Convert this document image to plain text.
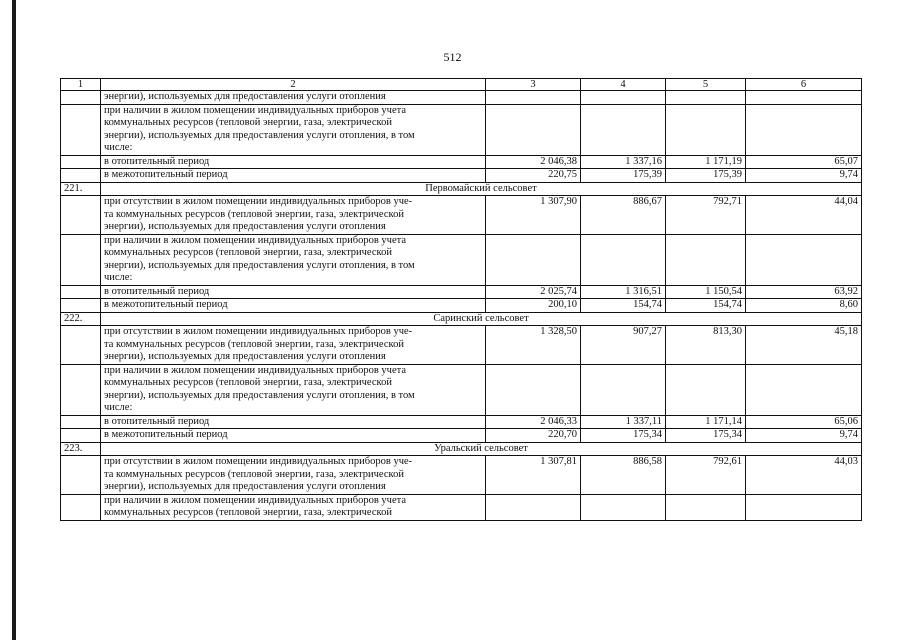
512
1	2	3	4	5	6
	энергии), используемых для предоставления услуги отопления				
	при наличии в жилом помещении индивидуальных приборов учета
коммунальных ресурсов (тепловой энергии, газа, электрической
энергии), используемых для предоставления услуги отопления, в том
числе:				
	в отопительный период	2 046,38	1 337,16	1 171,19	65,07
	в межотопительный период	220,75	175,39	175,39	9,74
221.	Первомайский сельсовет				
	при отсутствии в жилом помещении индивидуальных приборов уче-
та коммунальных ресурсов (тепловой энергии, газа, электрической
энергии), используемых для предоставления услуги отопления	1 307,90	886,67	792,71	44,04
	при наличии в жилом помещении индивидуальных приборов учета
коммунальных ресурсов (тепловой энергии, газа, электрической
энергии), используемых для предоставления услуги отопления, в том
числе:				
	в отопительный период	2 025,74	1 316,51	1 150,54	63,92
	в межотопительный период	200,10	154,74	154,74	8,60
222.	Саринский сельсовет				
	при отсутствии в жилом помещении индивидуальных приборов уче-
та коммунальных ресурсов (тепловой энергии, газа, электрической
энергии), используемых для предоставления услуги отопления	1 328,50	907,27	813,30	45,18
	при наличии в жилом помещении индивидуальных приборов учета
коммунальных ресурсов (тепловой энергии, газа, электрической
энергии), используемых для предоставления услуги отопления, в том
числе:				
	в отопительный период	2 046,33	1 337,11	1 171,14	65,06
	в межотопительный период	220,70	175,34	175,34	9,74
223.	Уральский сельсовет				
	при отсутствии в жилом помещении индивидуальных приборов уче-
та коммунальных ресурсов (тепловой энергии, газа, электрической
энергии), используемых для предоставления услуги отопления	1 307,81	886,58	792,61	44,03
	при наличии в жилом помещении индивидуальных приборов учета
коммунальных ресурсов (тепловой энергии, газа, электрической				
